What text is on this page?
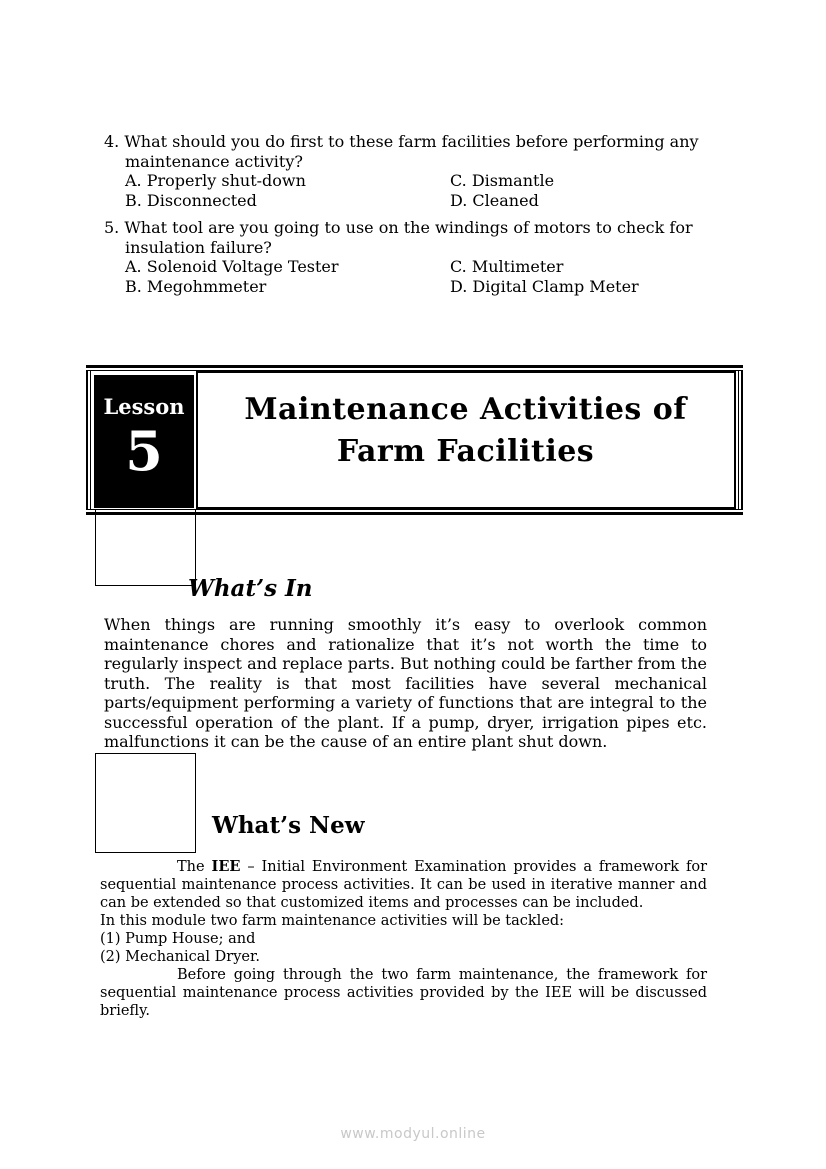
4. What should you do first to these farm facilities before performing any
maintenance activity?
A. Properly shut-down	C. Dismantle
B. Disconnected	D. Cleaned
5. What tool are you going to use on the windings of motors to check for
insulation failure?
A. Solenoid Voltage Tester	C. Multimeter
B. Megohmmeter	D. Digital Clamp Meter
Lesson
5
Maintenance Activities of
Farm Facilities
What’s In
When things are running smoothly it’s easy to overlook common
maintenance chores and rationalize that it’s not worth the time to
regularly inspect and replace parts. But nothing could be farther from the
truth. The reality is that most facilities have several mechanical
parts/equipment performing a variety of functions that are integral to the
successful operation of the plant. If a pump, dryer, irrigation pipes etc.
malfunctions it can be the cause of an entire plant shut down.
What’s New
The IEE – Initial Environment Examination provides a framework for
sequential maintenance process activities. It can be used in iterative manner and
can be extended so that customized items and processes can be included.
In this module two farm maintenance activities will be tackled:
(1) Pump House; and
(2) Mechanical Dryer.
Before going through the two farm maintenance, the framework for
sequential maintenance process activities provided by the IEE will be discussed
briefly.
www.modyul.online
